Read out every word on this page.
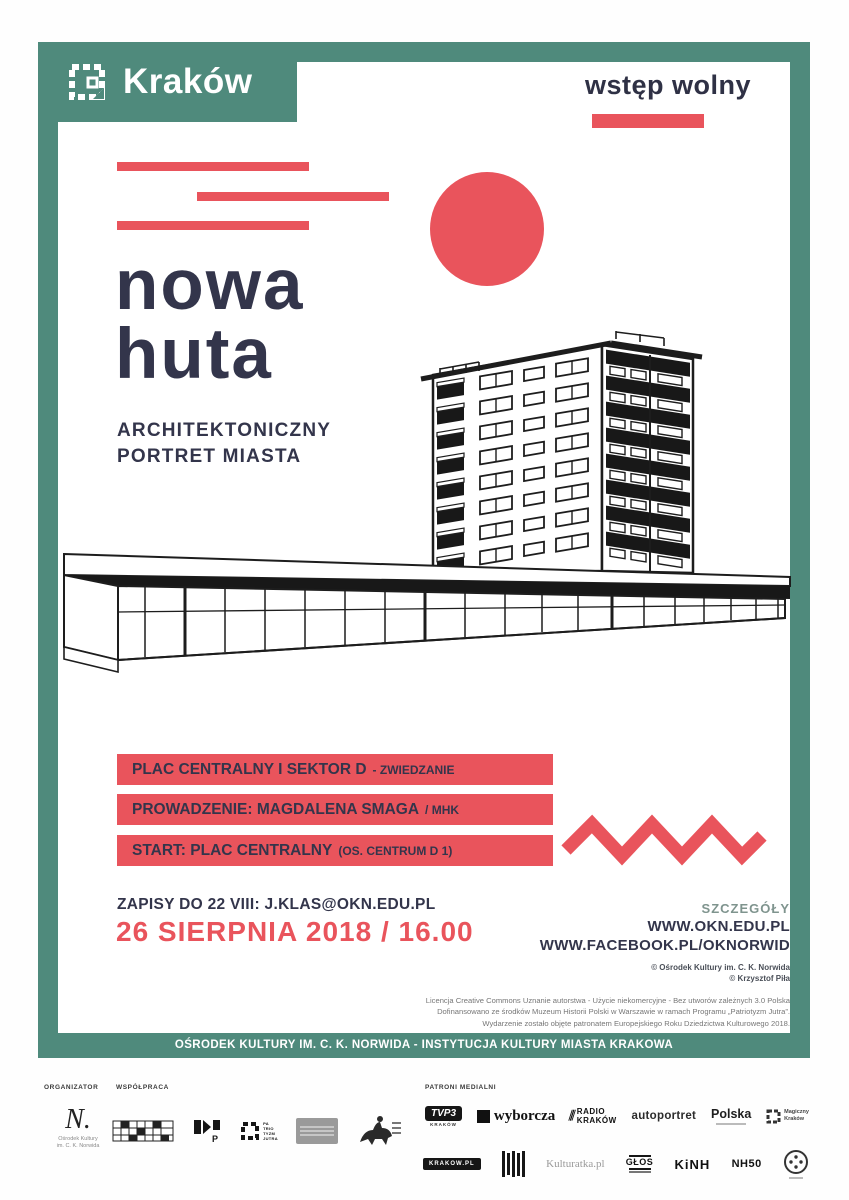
Kraków	wstęp wolny
nowa
huta
ARCHITEKTONICZNY
PORTRET MIASTA
PLAC CENTRALNY I SEKTOR D - ZWIEDZANIE
PROWADZENIE: MAGDALENA SMAGA / MHK
START: PLAC CENTRALNY (OS. CENTRUM D 1)
ZAPISY DO 22 VIII: J.KLAS@OKN.EDU.PL
26 SIERPNIA 2018 / 16.00
SZCZEGÓŁY
WWW.OKN.EDU.PL
WWW.FACEBOOK.PL/OKNORWID
© Ośrodek Kultury im. C. K. Norwida
© Krzysztof Piła
Licencja Creative Commons Uznanie autorstwa - Użycie niekomercyjne - Bez utworów zależnych 3.0 Polska
Dofinansowano ze środków Muzeum Historii Polski w Warszawie w ramach Programu „Patriotyzm Jutra”.
Wydarzenie zostało objęte patronatem Europejskiego Roku Dziedzictwa Kulturowego 2018.
OŚRODEK KULTURY IM. C. K. NORWIDA - INSTYTUCJA KULTURY MIASTA KRAKOWA
ORGANIZATOR	WSPÓŁPRACA	PATRONI MEDIALNI
N.
Ośrodek Kultury
im. C. K. Norwida
P
PA
TRIO
TYZM
JUTRA
TVP3
KRAKÓW
wyborcza 𝄁𝄁 RADIO
KRAKÓW autoportret Polska	Magiczny
Kraków
KRAKOW.PL	Kulturatka.pl GŁOS KiNH NH50
